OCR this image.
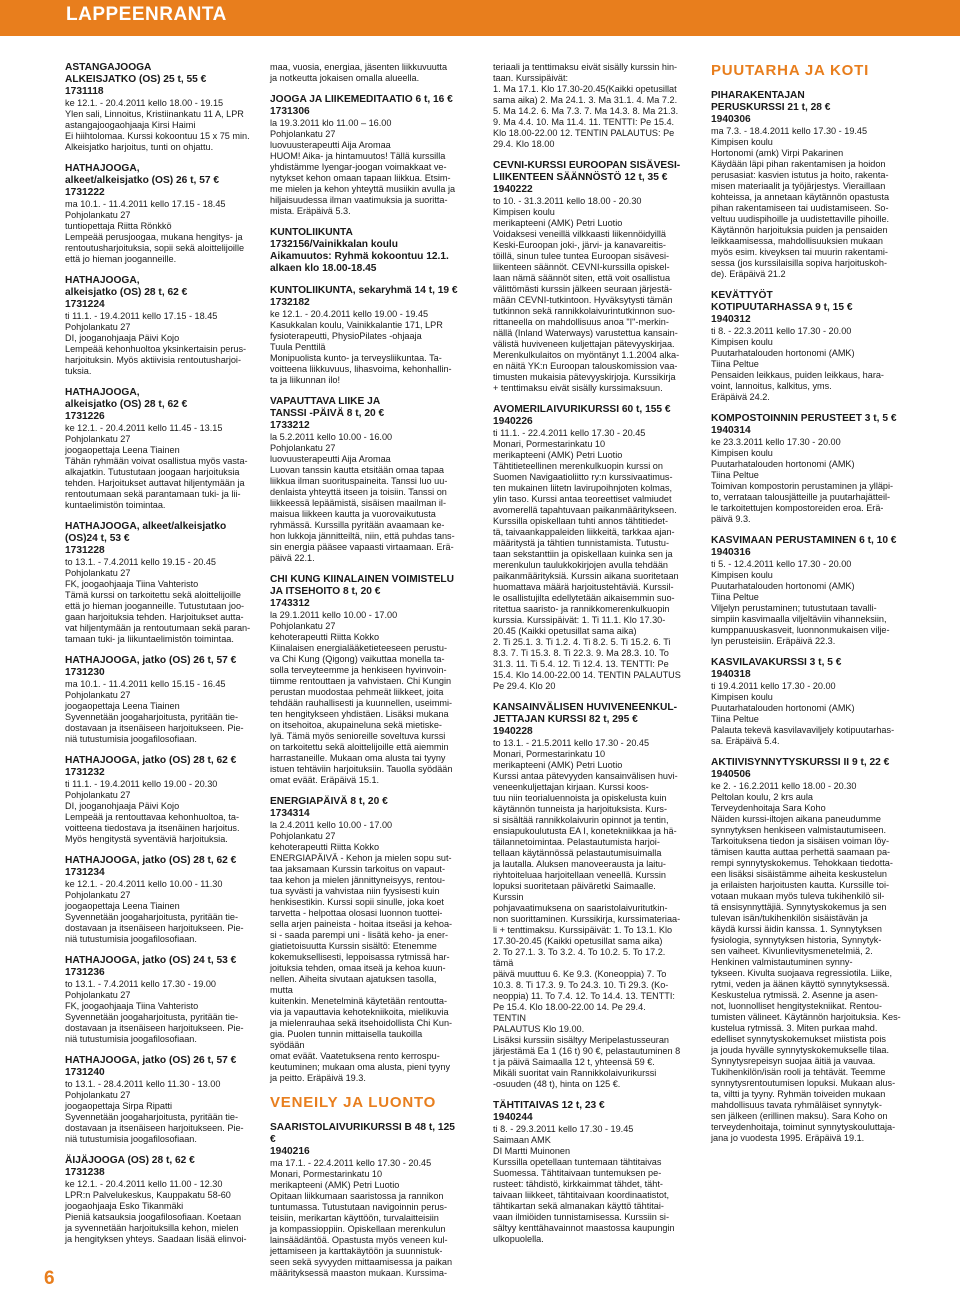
LAPPEENRANTA

ASTANGAJOOGA

ALKEISJATKO (OS) 25 t, 55 €

1731118

ke 12.1. - 20.4.2011 kello 18.00 - 19.15

Ylen sali, Linnoitus, Kristiinankatu 11 A, LPR

astangajoogaohjaaja Kirsi Haimi

Ei hiihtolomaa. Kurssi kokoontuu 15 x 75 min.

Alkeisjatko harjoitus, tunti on ohjattu.

HATHAJOOGA,

alkeet/alkeisjatko (OS) 26 t, 57 €

1731222

ma 10.1. - 11.4.2011 kello 17.15 - 18.45

Pohjolankatu 27

tuntiopettaja Riitta Rönkkö

Lempeää perusjoogaa, mukana hengitys- ja

rentoutusharjoituksia, sopii sekä aloittelijoille

että jo hieman jooganneille.

HATHAJOOGA,

alkeisjatko (OS) 28 t, 62 €

1731224

ti 11.1. - 19.4.2011 kello 17.15 - 18.45

Pohjolankatu 27

DI, jooganohjaaja Päivi Kojo

Lempeää kehonhuoltoa yksinkertaisin perus-

harjoituksin. Myös aktiivisia rentoutusharjoi-

tuksia.

HATHAJOOGA,

alkeisjatko (OS) 28 t, 62 €

1731226

ke 12.1. - 20.4.2011 kello 11.45 - 13.15

Pohjolankatu 27

joogaopettaja Leena Tiainen

Tähän ryhmään voivat osallistua myös vasta-

alkajatkin. Tutustutaan joogaan harjoituksia

tehden. Harjoitukset auttavat hiljentymään ja

rentoutumaan sekä parantamaan tuki- ja lii-

kuntaelimistön toimintaa.

HATHAJOOGA, alkeet/alkeisjatko

(OS)24 t, 53 €

1731228

to 13.1. - 7.4.2011 kello 19.15 - 20.45

Pohjolankatu 27

FK, joogaohjaaja Tiina Vahteristo

Tämä kurssi on tarkoitettu sekä aloittelijoille

että jo hieman jooganneille. Tutustutaan joo-

gaan harjoituksia tehden. Harjoitukset autta-

vat hiljentymään ja rentoutumaan sekä paran-

tamaan tuki- ja liikuntaelimistön toimintaa.

HATHAJOOGA, jatko (OS) 26 t, 57 €

1731230

ma 10.1. - 11.4.2011 kello 15.15 - 16.45

Pohjolankatu 27

joogaopettaja Leena Tiainen

Syvennetään joogaharjoitusta, pyritään tie-

dostavaan ja itsenäiseen harjoitukseen. Pie-

niä tutustumisia joogafilosofiaan.

HATHAJOOGA, jatko (OS) 28 t, 62 €

1731232

ti 11.1. - 19.4.2011 kello 19.00 - 20.30

Pohjolankatu 27

DI, jooganohjaaja Päivi Kojo

Lempeää ja rentouttavaa kehonhuoltoa, ta-

voitteena tiedostava ja itsenäinen harjoitus.

Myös hengitystä syventäviä harjoituksia.

HATHAJOOGA, jatko (OS) 28 t, 62 €

1731234

ke 12.1. - 20.4.2011 kello 10.00 - 11.30

Pohjolankatu 27

joogaopettaja Leena Tiainen

Syvennetään joogaharjoitusta, pyritään tie-

dostavaan ja itsenäiseen harjoitukseen. Pie-

niä tutustumisia joogafilosofiaan.

HATHAJOOGA, jatko (OS) 24 t, 53 €

1731236

to 13.1. - 7.4.2011 kello 17.30 - 19.00

Pohjolankatu 27

FK, joogaohjaaja Tiina Vahteristo

Syvennetään joogaharjoitusta, pyritään tie-

dostavaan ja itsenäiseen harjoitukseen. Pie-

niä tutustumisia joogafilosofiaan.

HATHAJOOGA, jatko (OS) 26 t, 57 €

1731240

to 13.1. - 28.4.2011 kello 11.30 - 13.00

Pohjolankatu 27

joogaopettaja Sirpa Ripatti

Syvennetään joogaharjoitusta, pyritään tie-

dostavaan ja itsenäiseen harjoitukseen. Pie-

niä tutustumisia joogafilosofiaan.

ÄIJÄJOOGA (OS) 28 t, 62 €

1731238

ke 12.1. - 20.4.2011 kello 11.00 - 12.30

LPR:n Palvelukeskus, Kauppakatu 58-60

joogaohjaaja Esko Tikanmäki

Pieniä katsauksia joogafilosofiaan. Koetaan

ja syvennetään harjoituksilla kehon, mielen

ja hengityksen yhteys. Saadaan lisää elinvoi-

maa, vuosia, energiaa, jäsenten liikkuvuutta

ja notkeutta jokaisen omalla alueella.

JOOGA JA LIIKEMEDITAATIO 6 t, 16 €

1731306

la 19.3.2011 klo 11.00 – 16.00

Pohjolankatu 27

luovuusterapeutti Aija Aromaa

HUOM! Aika- ja hintamuutos! Tällä kurssilla

yhdistämme Iyengar-joogan voimakkaat ve-

nytykset kehon omaan tapaan liikkua. Etsim-

me mielen ja kehon yhteyttä musiikin avulla ja

hiljaisuudessa ilman vaatimuksia ja suoritta-

mista. Eräpäivä 5.3.

KUNTOLIIKUNTA

1732156/Vainikkalan koulu

Aikamuutos: Ryhmä kokoontuu 12.1.

alkaen klo 18.00-18.45

KUNTOLIIKUNTA, sekaryhmä 14 t, 19 €

1732182

ke 12.1. - 20.4.2011 kello 19.00 - 19.45

Kasukkalan koulu, Vainikkalantie 171, LPR

fysioterapeutti, PhysioPilates -ohjaaja

Tuula Penttilä

Monipuolista kunto- ja terveysliikuntaa. Ta-

voitteena liikkuvuus, lihasvoima, kehonhallin-

ta ja liikunnan ilo!

VAPAUTTAVA LIIKE JA

TANSSI -PÄIVÄ 8 t, 20 €

1733212

la 5.2.2011 kello 10.00 - 16.00

Pohjolankatu 27

luovuusterapeutti Aija Aromaa

Luovan tanssin kautta etsitään omaa tapaa

liikkua ilman suorituspaineita. Tanssi luo uu-

denlaista yhteyttä itseen ja toisiin. Tanssi on

liikkeessä lepäämistä, sisäisen maailman il-

maisua liikkeen kautta ja vuorovaikutusta

ryhmässä. Kurssilla pyritään avaamaan ke-

hon lukkoja jännitteiltä, niin, että puhdas tans-

sin energia pääsee vapaasti virtaamaan. Erä-

päivä 22.1.

CHI KUNG KIINALAINEN VOIMISTELU

JA ITSEHOITO 8 t, 20 €

1743312

la 29.1.2011 kello 10.00 - 17.00

Pohjolankatu 27

kehoterapeutti Riitta Kokko

Kiinalaisen energialääketieteeseen perustu-

va Chi Kung (Qigong) vaikuttaa monella ta-

solla terveyteemme ja henkiseen hyvinvoin-

tiimme rentouttaen ja vahvistaen. Chi Kungin

perustan muodostaa pehmeät liikkeet, joita

tehdään rauhallisesti ja kuunnellen, useimmi-

ten hengitykseen yhdistäen. Lisäksi mukana

on itsehoitoa, akupaineluna sekä mietiske-

lyä. Tämä myös senioreille soveltuva kurssi

on tarkoitettu sekä aloittelijoille että aiemmin

harrastaneille. Mukaan oma alusta tai tyyny

istuen tehtäviin harjoituksiin. Tauolla syödään

omat eväät. Eräpäivä 15.1.

ENERGIAPÄIVÄ 8 t, 20 €

1734314

la 2.4.2011 kello 10.00 - 17.00

Pohjolankatu 27

kehoterapeutti Riitta Kokko

ENERGIAPÄIVÄ - Kehon ja mielen sopu sut-

taa jaksamaan Kurssin tarkoitus on vapaut-

taa kehon ja mielen jännittyneisyys, rentou-

tua syvästi ja vahvistaa niin fyysisesti kuin

henkisestikin. Kurssi sopii sinulle, joka koet

tarvetta - helpottaa olosasi luonnon tuottei-

sella arjen paineista - hoitaa itseäsi ja kehoa-

si - saada parempi uni - lisätä keho- ja ener-

giatietoisuutta Kurssin sisältö: Etenemme

kokemuksellisesti, leppoisassa rytmissä har-

joituksia tehden, omaa itseä ja kehoa kuun-

nellen. Aiheita sivutaan ajatuksen tasolla, mutta

kuitenkin. Menetelminä käytetään rentoutta-

via ja vapauttavia kehotekniikoita, mielikuvia

ja mielenrauhaa sekä itsehoidollista Chi Kun-

gia. Puolen tunnin mittaisella taukoilla syödään

omat eväät. Vaatetuksena rento kerrospu-

keutuminen; mukaan oma alusta, pieni tyyny

ja peitto. Eräpäivä 19.3.

VENEILY JA LUONTO

SAARISTOLAIVURIKURSSI B 48 t, 125 €

1940216

ma 17.1. - 22.4.2011 kello 17.30 - 20.45

Monari, Pormestarinkatu 10

merikapteeni (AMK) Petri Luotio

Opitaan liikkumaan saaristossa ja rannikon

tuntumassa. Tutustutaan navigoinnin perus-

teisiin, merikartan käyttöön, turvalaitteisiin

ja kompassioppiin. Opiskellaan merenkulun

lainsäädäntöä. Opastusta myös veneen kul-

jettamiseen ja karttakäytöön ja suunnistuk-

seen sekä syvyyden mittaamisessa ja paikan

määrityksessä maaston mukaan. Kurssima-

teriaali ja tenttimaksu eivät sisälly kurssin hin-

taan. Kurssipäivät:

1. Ma 17.1. Klo 17.30-20.45(Kaikki opetusillat

sama aika) 2. Ma 24.1. 3. Ma 31.1. 4. Ma 7.2.

5. Ma 14.2. 6. Ma 7.3. 7. Ma 14.3. 8. Ma 21.3.

9. Ma 4.4. 10. Ma 11.4. 11. TENTTI: Pe 15.4.

Klo 18.00-22.00 12. TENTIN PALAUTUS: Pe

29.4. Klo 18.00

CEVNI-KURSSI EUROOPAN SISÄVESI-

LIIKENTEEN SÄÄNNÖSTÖ 12 t, 35 €

1940222

to 10. - 31.3.2011 kello 18.00 - 20.30

Kimpisen koulu

merikapteeni (AMK) Petri Luotio

Voidaksesi veneillä vilkkaasti liikennöidyillä

Keski-Euroopan joki-, järvi- ja kanavareitis-

töillä, sinun tulee tuntea Euroopan sisävesi-

liikenteen säännöt. CEVNI-kurssilla opiskel-

laan nämä säännöt siten, että voit osallistua

välittömästi kurssin jälkeen seuraan järjestä-

mään CEVNI-tutkintoon. Hyväksytysti tämän

tutkinnon sekä rannikkolaivurintutkinnon suo-

rittaneella on mahdollisuus anoa "I"-merkin-

nällä (Inland Waterways) varustettua kansain-

välistä huviveneen kuljettajan pätevyyskirjaa.

Merenkulkulaitos on myöntänyt 1.1.2004 alka-

en näitä YK:n Euroopan talouskomission vaa-

timusten mukaisia pätevyyskirjoja. Kurssikirja

+ tenttimaksu eivät sisälly kurssimaksuun.

AVOMERILAIVURIKURSSI 60 t, 155 €

1940226

ti 11.1. - 22.4.2011 kello 17.30 - 20.45

Monari, Pormestarinkatu 10

merikapteeni (AMK) Petri Luotio

Tähtitieteellinen merenkulkuopin kurssi on

Suomen Navigaatioliitto ry:n kurssivaatimus-

ten mukainen liitetn lavirupoihnjoten kolmas,

ylin taso. Kurssi antaa teoreettiset valmiudet

avomerellä tapahtuvaan paikanmääritykseen.

Kurssilla opiskellaan tuhti annos tähtitiedet-

tä, taivaankappaleiden liikkeitä, tarkkaa ajan-

määritystä ja tähtien tunnistamista. Tutustu-

taan sekstanttiin ja opiskellaan kuinka sen ja

merenkulun taulukkokirjojen avulla tehdään

paikanmäärityksiä. Kurssin aikana suoritetaan

huomattava määrä harjoitustehtäviä. Kurssil-

le osallistujilta edellytetään aikaisemmin suo-

ritettua saaristo- ja rannikkomerenkulkuopin

kurssia. Kurssipäivät: 1. Ti 11.1. Klo 17.30-

20.45 (Kaikki opetusillat sama aika)

2. Ti 25.1. 3. Ti 1.2. 4. Ti 8.2. 5. Ti 15.2. 6. Ti

8.3. 7. Ti 15.3. 8. Ti 22.3. 9. Ma 28.3. 10. To

31.3. 11. Ti 5.4. 12. Ti 12.4. 13. TENTTI: Pe

15.4. Klo 14.00-22.00 14. TENTIN PALAUTUS

Pe 29.4. Klo 20

KANSAINVÄLISEN HUVIVENEENKUL-

JETTAJAN KURSSI 82 t, 295 €

1940228

to 13.1. - 21.5.2011 kello 17.30 - 20.45

Monari, Pormestarinkatu 10

merikapteeni (AMK) Petri Luotio

Kurssi antaa pätevyyden kansainvälisen huvi-

veneenkuljettajan kirjaan. Kurssi koos-

tuu niin teorialuennoista ja opiskelusta kuin

käytännön tunneista ja harjoituksista. Kurs-

si sisältää rannikkolaivurin opinnot ja tentin,

ensiapukoulutusta EA I, konetekniikkaa ja hä-

täilannetoimintaa. Pelastautumista harjoi-

tellaan käytännössä pelastautumisuimalla

ja lautalla. Aluksen manoveerausta ja laitu-

riyhtoiteluaa harjoitellaan veneellä. Kurssin

lopuksi suoritetaan päiväretki Saimaalle. Kurssin

pohjavaatimuksena on saaristolaivuritutkin-

non suorittaminen. Kurssikirja, kurssimateriaa-

li + tenttimaksu. Kurssipäivät: 1. To 13.1. Klo

17.30-20.45 (Kaikki opetusillat sama aika)

2. To 27.1. 3. To 3.2. 4. To 10.2. 5. To 17.2. tämä

päivä muuttuu 6. Ke 9.3. (Koneoppia) 7. To

10.3. 8. Ti 17.3. 9. To 24.3. 10. Ti 29.3. (Ko-

neoppia) 11. To 7.4. 12. To 14.4. 13. TENTTI:

Pe 15.4. Klo 18.00-22.00 14. Pe 29.4. TENTIN

PALAUTUS Klo 19.00.

Lisäksi kurssiin sisältyy Meripelastusseuran

järjestämä Ea 1 (16 t) 90 €, pelastautuminen 8

t ja päivä Saimaalla 12 t, yhteensä 59 €.

Mikäli suoritat vain Rannikkolaivurikurssi

-osuuden (48 t), hinta on 125 €.

TÄHTITAIVAS 12 t, 23 €

1940244

ti 8. - 29.3.2011 kello 17.30 - 19.45

Saimaan AMK

DI Martti Muinonen

Kurssilla opetellaan tuntemaan tähtitaivas

Suomessa. Tähtitaivaan tuntemuksen pe-

rusteet: tähdistö, kirkkaimmat tähdet, täht-

taivaan liikkeet, tähtitaivaan koordinaatistot,

tähtikartan sekä almanakan käyttö tähtitai-

vaan ilmiöiden tunnistamisessa. Kurssiin si-

sältyy kenttähavainnot maastossa kaupungin

ulkopuolella.

PUUTARHA JA KOTI

PIHARAKENTAJAN

PERUSKURSSI 21 t, 28 €

1940306

ma 7.3. - 18.4.2011 kello 17.30 - 19.45

Kimpisen koulu

Hortonomi (amk) Virpi Pakarinen

Käydään läpi pihan rakentamisen ja hoidon

perusasiat: kasvien istutus ja hoito, rakenta-

misen materiaalit ja työjärjestys. Vieraillaan

kohteissa, ja annetaan käytännön opastusta

pihan rakentamiseen tai uudistamiseen. So-

veltuu uudispihoille ja uudistettaville pihoille.

Käytännön harjoituksia puiden ja pensaiden

leikkaamisessa, mahdollisuuksien mukaan

myös esim. kiveyksen tai muurin rakentami-

sessa (jos kurssilaisilla sopiva harjoituskoh-

de). Eräpäivä 21.2

KEVÄTTYÖT

KOTIPUUTARHASSA 9 t, 15 €

1940312

ti 8. - 22.3.2011 kello 17.30 - 20.00

Kimpisen koulu

Puutarhatalouden hortonomi (AMK)

Tiina Peltue

Pensaiden leikkaus, puiden leikkaus, hara-

voint, lannoitus, kalkitus, yms.

Eräpäivä 24.2.

KOMPOSTOINNIN PERUSTEET 3 t, 5 €

1940314

ke 23.3.2011 kello 17.30 - 20.00

Kimpisen koulu

Puutarhatalouden hortonomi (AMK)

Tiina Peltue

Toimivan kompostorin perustaminen ja ylläpi-

to, verrataan talousjätteille ja puutarhajätteil-

le tarkoitettujen kompostoreiden eroa. Erä-

päivä 9.3.

KASVIMAAN PERUSTAMINEN 6 t, 10 €

1940316

ti 5. - 12.4.2011 kello 17.30 - 20.00

Kimpisen koulu

Puutarhatalouden hortonomi (AMK)

Tiina Peltue

Viljelyn perustaminen; tutustutaan tavalli-

simpiin kasvimaalla viljeltäviin vihanneksiin,

kumppanuuskasveit, luonnonmukaisen vilje-

lyn perusteisiin. Eräpäivä 22.3.

KASVILAVAKURSSI 3 t, 5 €

1940318

ti 19.4.2011 kello 17.30 - 20.00

Kimpisen koulu

Puutarhatalouden hortonomi (AMK)

Tiina Peltue

Palauta tekevä kasvilavaviljely kotipuutarhas-

sa. Eräpäivä 5.4.

AKTIIVISYNNYTYSKURSSI II 9 t, 22 €

1940506

ke 2. - 16.2.2011 kello 18.00 - 20.30

Peltolan koulu, 2 krs aula

Terveydenhoitaja Sara Koho

Näiden kurssi-iltojen aikana paneudumme

synnytyksen henkiseen valmistautumiseen.

Tarkoituksena tiedon ja sisäisen voiman löy-

tämisen kautta auttaa perhettä saamaan pa-

rempi synnytyskokemus. Tehokkaan tiedotta-

een lisäksi sisäistämme aiheita keskustelun

ja erilaisten harjoitusten kautta. Kurssille toi-

votaan mukaan myös tuleva tukihenkilö sil-

tä ensisynnyttäjiä. Synnytyskokemus ja sen

tulevan isän/tukihenkilön sisäistävän ja

käydä kurssi äidin kanssa. 1. Synnytyksen

fysiologia, synnytyksen historia, Synnytyk-

sen vaiheet. Kivunlievitysmenetelmiä, 2.

Henkinen valmistautuminen synny-

tykseen. Kivulta suojaava regressiotila. Liike,

rytmi, veden ja äänen käyttö synnytyksessä.

Keskustelua rytmissä. 2. Asenne ja asen-

not, luonnolliset hengitystekniikat. Rentou-

tumisten välineet. Käytännön harjoituksia. Kes-

kustelua rytmissä. 3. Miten purkaa mahd.

edelliset synnytyskokemukset miistista pois

ja jouda hyvälle synnytyskokemukselle tilaa.

Synnytysrepeisyn suojaa äitiä ja vauvaa.

Tukihenkilön/isän rooli ja tehtävät. Teemme

synnytysrentoutumisen lopuksi. Mukaan alus-

ta, viltti ja tyyny. Ryhmän toiveiden mukaan

mahdollisuus tavata ryhmäläiset synnytyk-

sen jälkeen (erillinen maksu). Sara Koho on

terveydenhoitaja, toiminut synnytyskouluttaja-

jana jo vuodesta 1995. Eräpäivä 19.1.

6
